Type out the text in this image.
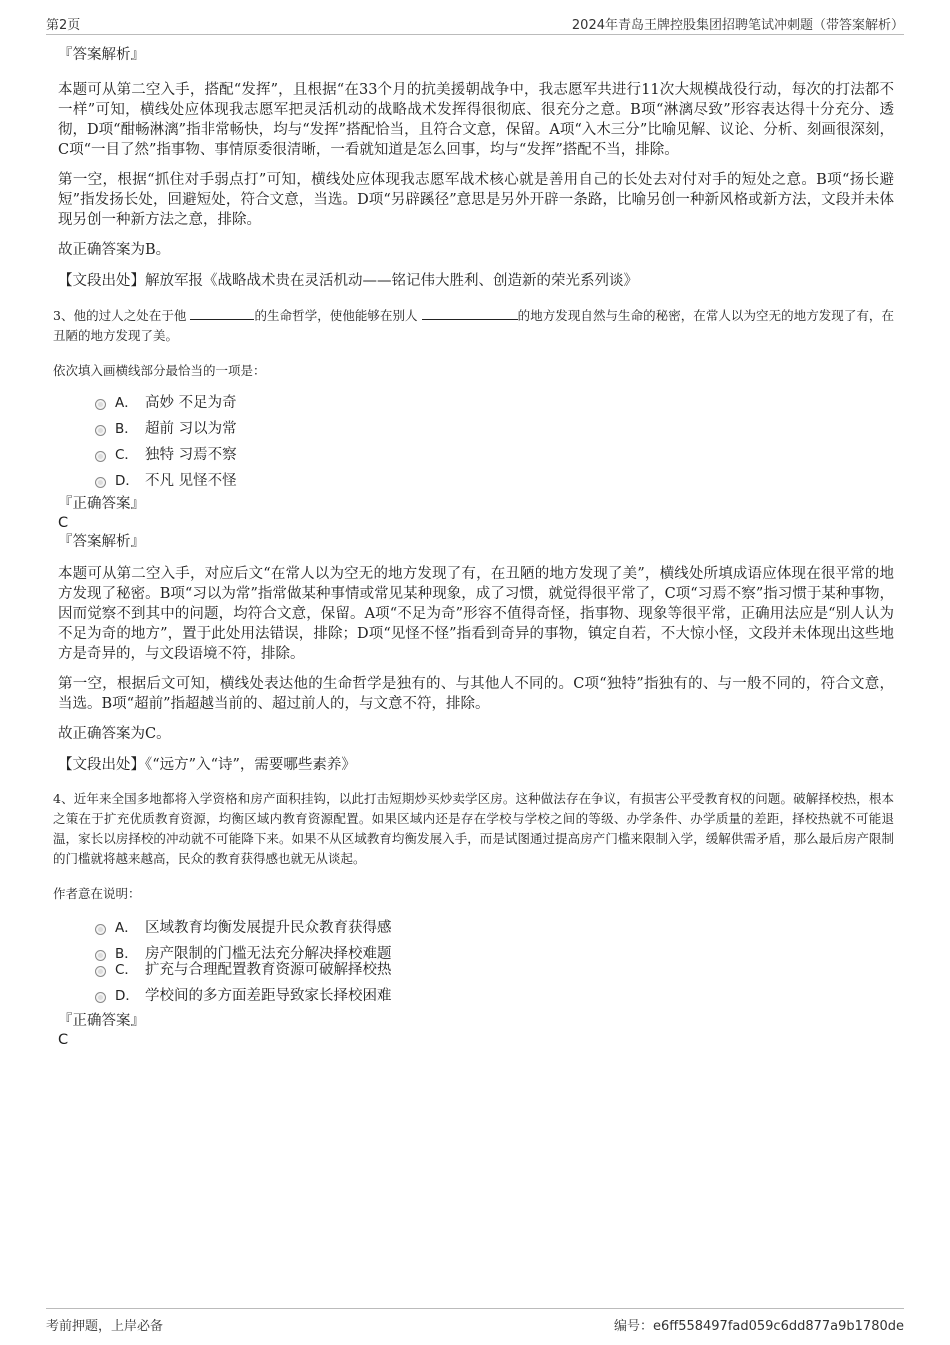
第2页	2024年青岛王牌控股集团招聘笔试冲刺题（带答案解析）

『答案解析』

本题可从第二空入手，搭配“发挥”，且根据“在33个月的抗美援朝战争中，我志愿军共进行11次大规模战役行动，每次的打法都不一样”可知，横线处应体现我志愿军把灵活机动的战略战术发挥得很彻底、很充分之意。B项“淋漓尽致”形容表达得十分充分、透彻，D项“酣畅淋漓”指非常畅快，均与“发挥”搭配恰当，且符合文意，保留。A项“入木三分”比喻见解、议论、分析、刻画很深刻，C项“一目了然”指事物、事情原委很清晰，一看就知道是怎么回事，均与“发挥”搭配不当，排除。

第一空，根据“抓住对手弱点打”可知，横线处应体现我志愿军战术核心就是善用自己的长处去对付对手的短处之意。B项“扬长避短”指发扬长处，回避短处，符合文意，当选。D项“另辟蹊径”意思是另外开辟一条路，比喻另创一种新风格或新方法，文段并未体现另创一种新方法之意，排除。

故正确答案为B。

【文段出处】解放军报《战略战术贵在灵活机动——铭记伟大胜利、创造新的荣光系列谈》

3、他的过人之处在于他	的生命哲学，使他能够在别人	的地方发现自然与生命的秘密，在常人以为空无的地方发现了有，在丑陋的地方发现了美。

依次填入画横线部分最恰当的一项是：

A． 高妙 不足为奇
B． 超前 习以为常
C． 独特 习焉不察
D． 不凡 见怪不怪

『正确答案』

C

『答案解析』

本题可从第二空入手，对应后文“在常人以为空无的地方发现了有，在丑陋的地方发现了美”，横线处所填成语应体现在很平常的地方发现了秘密。B项“习以为常”指常做某种事情或常见某种现象，成了习惯，就觉得很平常了，C项“习焉不察”指习惯于某种事物，因而觉察不到其中的问题，均符合文意，保留。A项“不足为奇”形容不值得奇怪，指事物、现象等很平常，正确用法应是“别人认为不足为奇的地方”，置于此处用法错误，排除；D项“见怪不怪”指看到奇异的事物，镇定自若，不大惊小怪，文段并未体现出这些地方是奇异的，与文段语境不符，排除。

第一空，根据后文可知，横线处表达他的生命哲学是独有的、与其他人不同的。C项“独特”指独有的、与一般不同的，符合文意，当选。B项“超前”指超越当前的、超过前人的，与文意不符，排除。

故正确答案为C。

【文段出处】《“远方”入“诗”，需要哪些素养》

4、近年来全国多地都将入学资格和房产面积挂钩，以此打击短期炒买炒卖学区房。这种做法存在争议，有损害公平受教育权的问题。破解择校热，根本之策在于扩充优质教育资源，均衡区域内教育资源配置。如果区域内还是存在学校与学校之间的等级、办学条件、办学质量的差距，择校热就不可能退温，家长以房择校的冲动就不可能降下来。如果不从区域教育均衡发展入手，而是试图通过提高房产门槛来限制入学，缓解供需矛盾，那么最后房产限制的门槛就将越来越高，民众的教育获得感也就无从谈起。

作者意在说明：

A． 区域教育均衡发展提升民众教育获得感
B． 房产限制的门槛无法充分解决择校难题
C． 扩充与合理配置教育资源可破解择校热
D． 学校间的多方面差距导致家长择校困难

『正确答案』

C

考前押题，上岸必备	编号：e6ff558497fad059c6dd877a9b1780de
